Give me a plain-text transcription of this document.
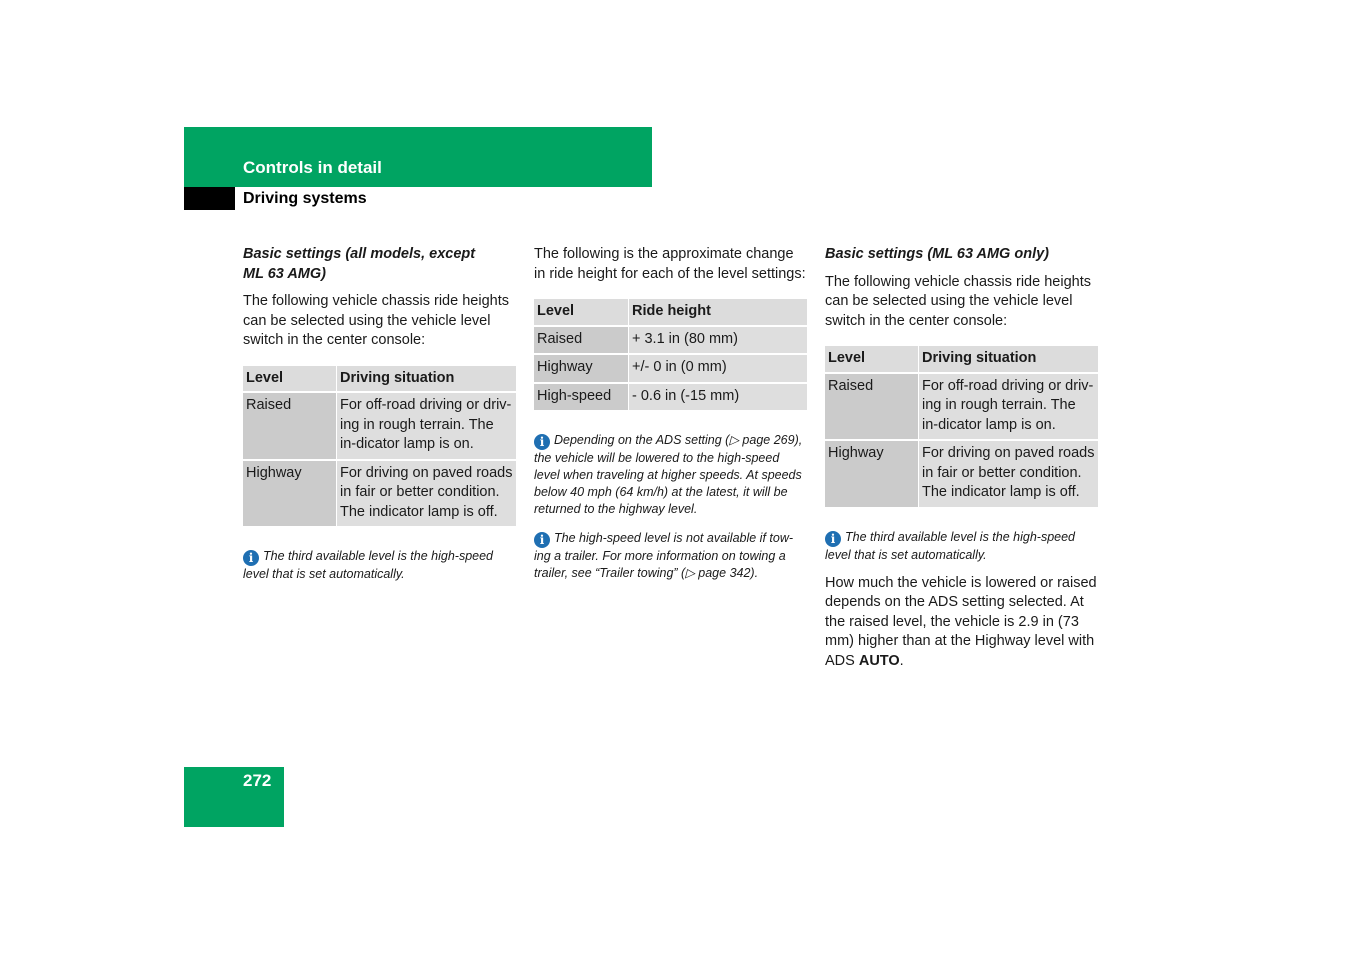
Controls in detail
Driving systems

Basic settings (all models, except ML 63 AMG)

The following vehicle chassis ride heights can be selected using the vehicle level switch in the center console:

Level	Driving situation
Raised	For off-road driving or driv-ing in rough terrain. The in-dicator lamp is on.
Highway	For driving on paved roads in fair or better condition. The indicator lamp is off.

i The third available level is the high-speed level that is set automatically.

The following is the approximate change in ride height for each of the level settings:

Level	Ride height
Raised	+ 3.1 in (80 mm)
Highway	+/- 0 in (0 mm)
High-speed	- 0.6 in (-15 mm)

i Depending on the ADS setting (▷ page 269), the vehicle will be lowered to the high-speed level when traveling at higher speeds. At speeds below 40 mph (64 km/h) at the latest, it will be returned to the highway level.

i The high-speed level is not available if tow-ing a trailer. For more information on towing a trailer, see “Trailer towing” (▷ page 342).

Basic settings (ML 63 AMG only)

The following vehicle chassis ride heights can be selected using the vehicle level switch in the center console:

Level	Driving situation
Raised	For off-road driving or driv-ing in rough terrain. The in-dicator lamp is on.
Highway	For driving on paved roads in fair or better condition. The indicator lamp is off.

i The third available level is the high-speed level that is set automatically.

How much the vehicle is lowered or raised depends on the ADS setting selected. At the raised level, the vehicle is 2.9 in (73 mm) higher than at the Highway level with ADS AUTO.

272
